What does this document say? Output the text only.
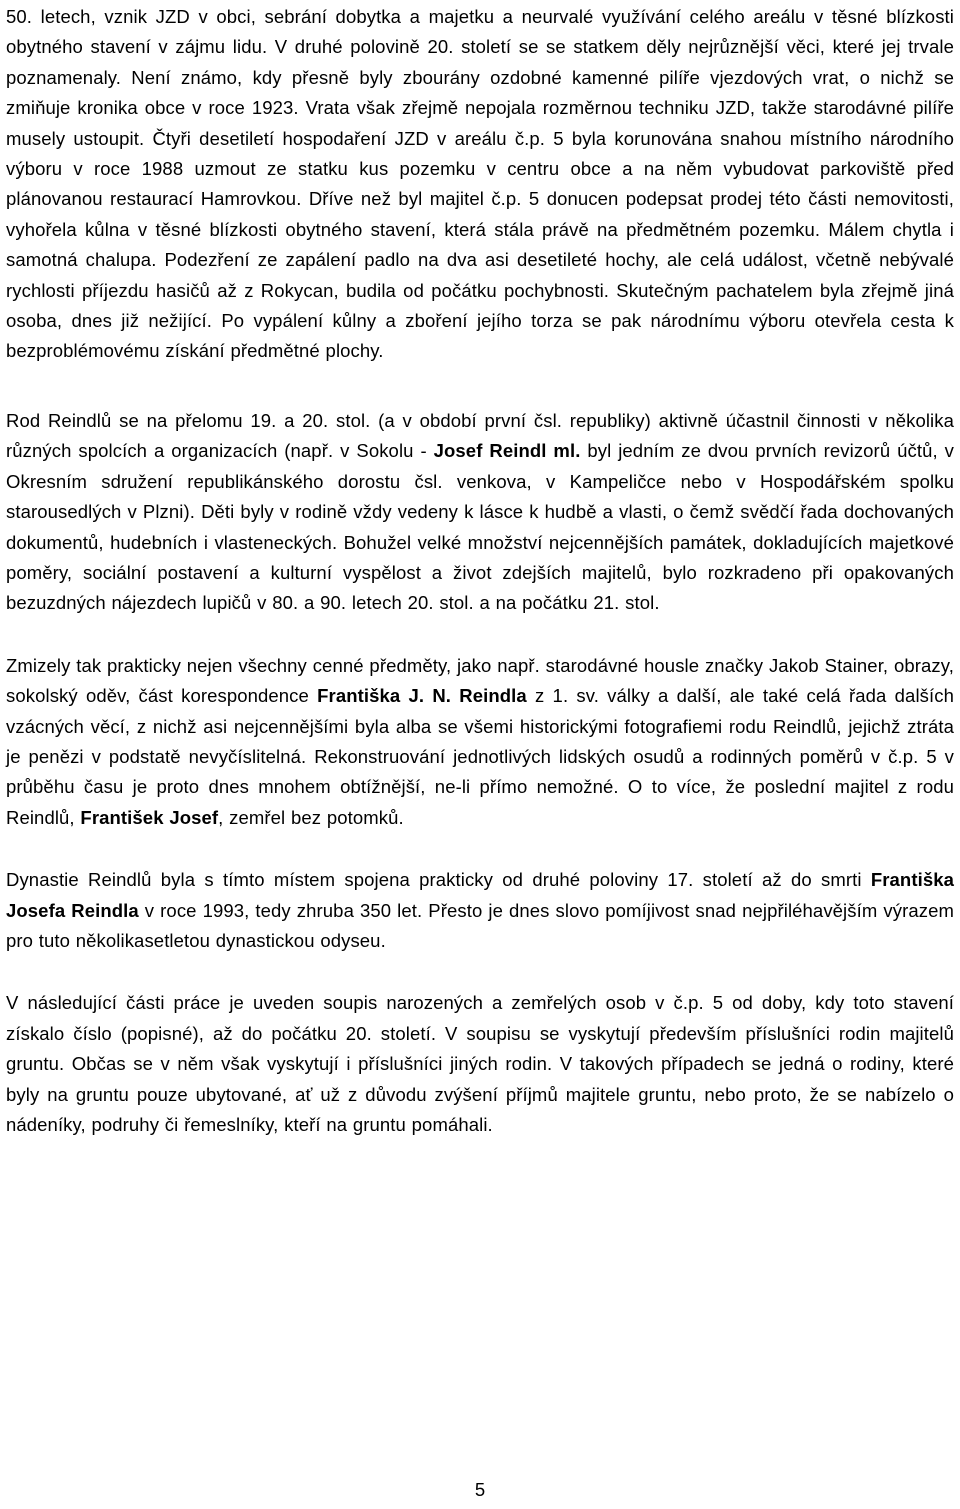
50. letech, vznik JZD v obci, sebrání dobytka a majetku a neurvalé využívání celého areálu v těsné blízkosti obytného stavení v zájmu lidu. V druhé polovině 20. století se se statkem děly nejrůznější věci, které jej trvale poznamenaly. Není známo, kdy přesně byly zbourány ozdobné kamenné pilíře vjezdových vrat, o nichž se zmiňuje kronika obce v roce 1923. Vrata však zřejmě nepojala rozměrnou techniku JZD, takže starodávné pilíře musely ustoupit. Čtyři desetiletí hospodaření JZD v areálu č.p. 5 byla korunována snahou místního národního výboru v roce 1988 uzmout ze statku kus pozemku v centru obce a na něm vybudovat parkoviště před plánovanou restaurací Hamrovkou. Dříve než byl majitel č.p. 5 donucen podepsat prodej této části nemovitosti, vyhořela kůlna v těsné blízkosti obytného stavení, která stála právě na předmětném pozemku. Málem chytla i samotná chalupa. Podezření ze zapálení padlo na dva asi desetileté hochy, ale celá událost, včetně nebývalé rychlosti příjezdu hasičů až z Rokycan, budila od počátku pochybnosti. Skutečným pachatelem byla zřejmě jiná osoba, dnes již nežijící. Po vypálení kůlny a zboření jejího torza se pak národnímu výboru otevřela cesta k bezproblémovému získání předmětné plochy.

Rod Reindlů se na přelomu 19. a 20. stol. (a v období první čsl. republiky) aktivně účastnil činnosti v několika různých spolcích a organizacích (např. v Sokolu - Josef Reindl ml. byl jedním ze dvou prvních revizorů účtů, v Okresním sdružení republikánského dorostu čsl. venkova, v Kampeličce nebo v Hospodářském spolku starousedlých v Plzni). Děti byly v rodině vždy vedeny k lásce k hudbě a vlasti, o čemž svědčí řada dochovaných dokumentů, hudebních i vlasteneckých. Bohužel velké množství nejcennějších památek, dokladujících majetkové poměry, sociální postavení a kulturní vyspělost a život zdejších majitelů, bylo rozkradeno při opakovaných bezuzdných nájezdech lupičů v 80. a 90. letech 20. stol. a na počátku 21. stol.

Zmizely tak prakticky nejen všechny cenné předměty, jako např. starodávné housle značky Jakob Stainer, obrazy, sokolský oděv, část korespondence Františka J. N. Reindla z 1. sv. války a další, ale také celá řada dalších vzácných věcí, z nichž asi nejcennějšími byla alba se všemi historickými fotografiemi rodu Reindlů, jejichž ztráta je penězi v podstatě nevyčíslitelná. Rekonstruování jednotlivých lidských osudů a rodinných poměrů v č.p. 5 v průběhu času je proto dnes mnohem obtížnější, ne-li přímo nemožné. O to více, že poslední majitel z rodu Reindlů, František Josef, zemřel bez potomků.

Dynastie Reindlů byla s tímto místem spojena prakticky od druhé poloviny 17. století až do smrti Františka Josefa Reindla v roce 1993, tedy zhruba 350 let. Přesto je dnes slovo pomíjivost snad nejpřiléhavějším výrazem pro tuto několikasetletou dynastickou odyseu.

V následující části práce je uveden soupis narozených a zemřelých osob v č.p. 5 od doby, kdy toto stavení získalo číslo (popisné), až do počátku 20. století. V soupisu se vyskytují především příslušníci rodin majitelů gruntu. Občas se v něm však vyskytují i příslušníci jiných rodin. V takových případech se jedná o rodiny, které byly na gruntu pouze ubytované, ať už z důvodu zvýšení příjmů majitele gruntu, nebo proto, že se nabízelo o nádeníky, podruhy či řemeslníky, kteří na gruntu pomáhali.

5
